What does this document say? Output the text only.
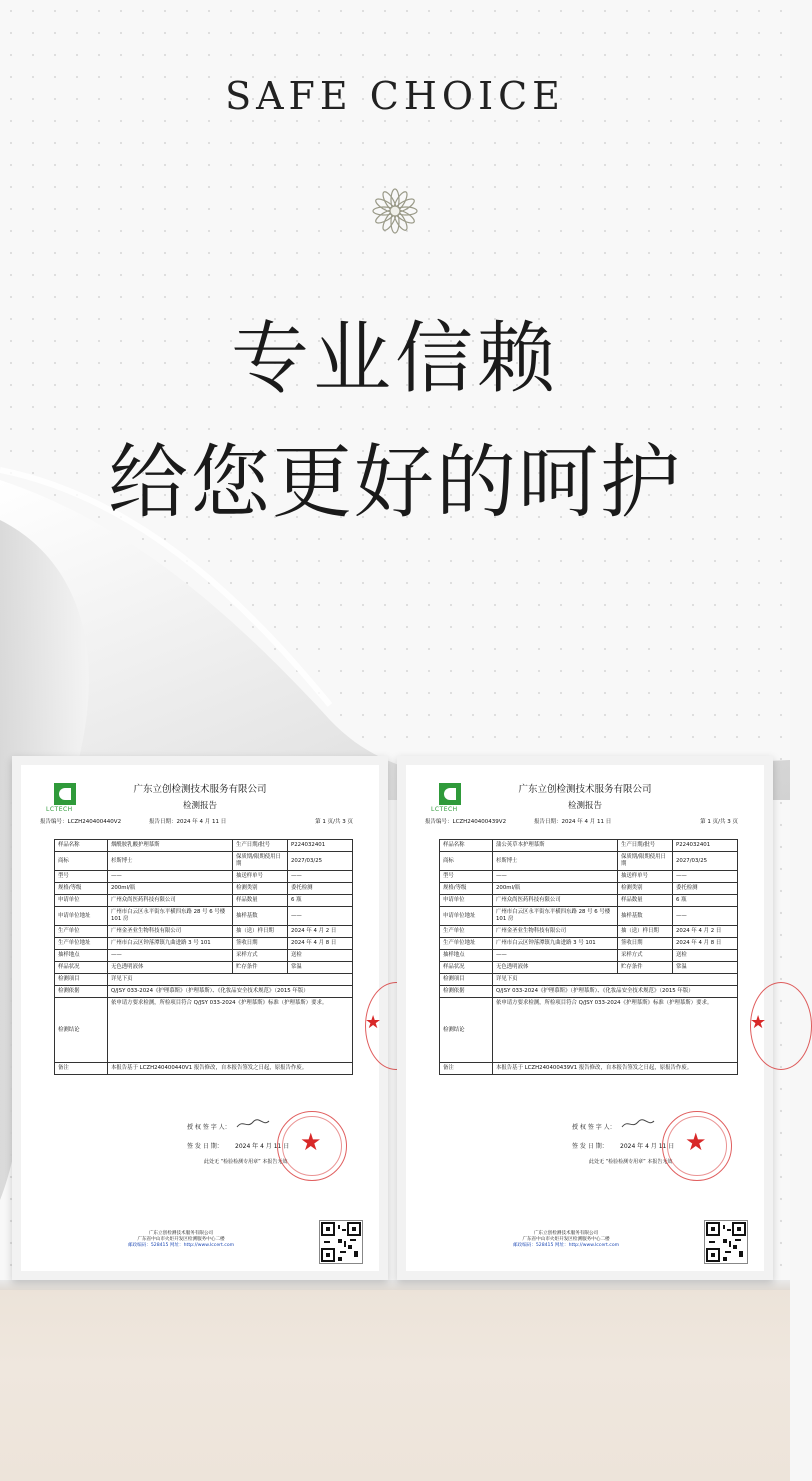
SAFE CHOICE
专业信赖
给您更好的呵护
LCTECH
广东立创检测技术服务有限公司
检测报告
报告编号：LCZH240400440V2	报告日期：2024 年 4 月 11 日	第 1 页/共 3 页
样品名称	烟酰胺乳酸护理慕斯	生产日期/批号	P224032401
商标	杉斯博士	保质期/限期使用日期	2027/03/25
型号	——	抽送样单号	——
规格/等级	200ml/瓶	检测类别	委托检测
申请单位	广州众尚医药科技有限公司	样品数量	6 瓶
申请单位地址	广州市白云区永平街东平横四东路 28 号 6 号楼 101 房	抽样基数	——
生产单位	广州金圣业生物科技有限公司	抽（送）样日期	2024 年 4 月 2 日
生产单位地址	广州市白云区钟落潭镇九曲进路 3 号 101	签收日期	2024 年 4 月 8 日
抽样地点	——	采样方式	送检
样品状况	无色透明液体	贮存条件	常温
检测项目	详见下页		
检测依据	Q/JSY 033-2024《护理慕斯》（护理慕斯）、《化妆品安全技术规范》（2015 年版）		
检测结论	依申请方要求检测，所检项目符合 Q/JSY 033-2024《护理慕斯》标准（护理慕斯）要求。		

备注	本报告基于 LCZH240400440V1 报告修改，自本报告签发之日起，原报告作废。		
授 权 签 字 人：
签 发 日 期： 2024 年 4 月 11 日
此处无 “检验检测专用章” 本报告无效
★
广东立创检测技术服务有限公司
广东省中山市火炬开发区检测服务中心二楼
邮政编码：528415 网址：http://www.lccert.com
★
LCTECH
广东立创检测技术服务有限公司
检测报告
报告编号：LCZH240400439V2	报告日期：2024 年 4 月 11 日	第 1 页/共 3 页
样品名称	蒲公英草本护理慕斯	生产日期/批号	P224032401
商标	杉斯博士	保质期/限期使用日期	2027/03/25
型号	——	抽送样单号	——
规格/等级	200ml/瓶	检测类别	委托检测
申请单位	广州众尚医药科技有限公司	样品数量	6 瓶
申请单位地址	广州市白云区永平街东平横四东路 28 号 6 号楼 101 房	抽样基数	——
生产单位	广州金圣业生物科技有限公司	抽（送）样日期	2024 年 4 月 2 日
生产单位地址	广州市白云区钟落潭镇九曲进路 3 号 101	签收日期	2024 年 4 月 8 日
抽样地点	——	采样方式	送检
样品状况	无色透明液体	贮存条件	常温
检测项目	详见下页		
检测依据	Q/JSY 033-2024《护理慕斯》（护理慕斯）、《化妆品安全技术规范》（2015 年版）		
检测结论	依申请方要求检测，所检项目符合 Q/JSY 033-2024《护理慕斯》标准（护理慕斯）要求。		

备注	本报告基于 LCZH240400439V1 报告修改，自本报告签发之日起，原报告作废。		
授 权 签 字 人：
签 发 日 期： 2024 年 4 月 11 日
此处无 “检验检测专用章” 本报告无效
★
广东立创检测技术服务有限公司
广东省中山市火炬开发区检测服务中心二楼
邮政编码：528415 网址：http://www.lccert.com
★
